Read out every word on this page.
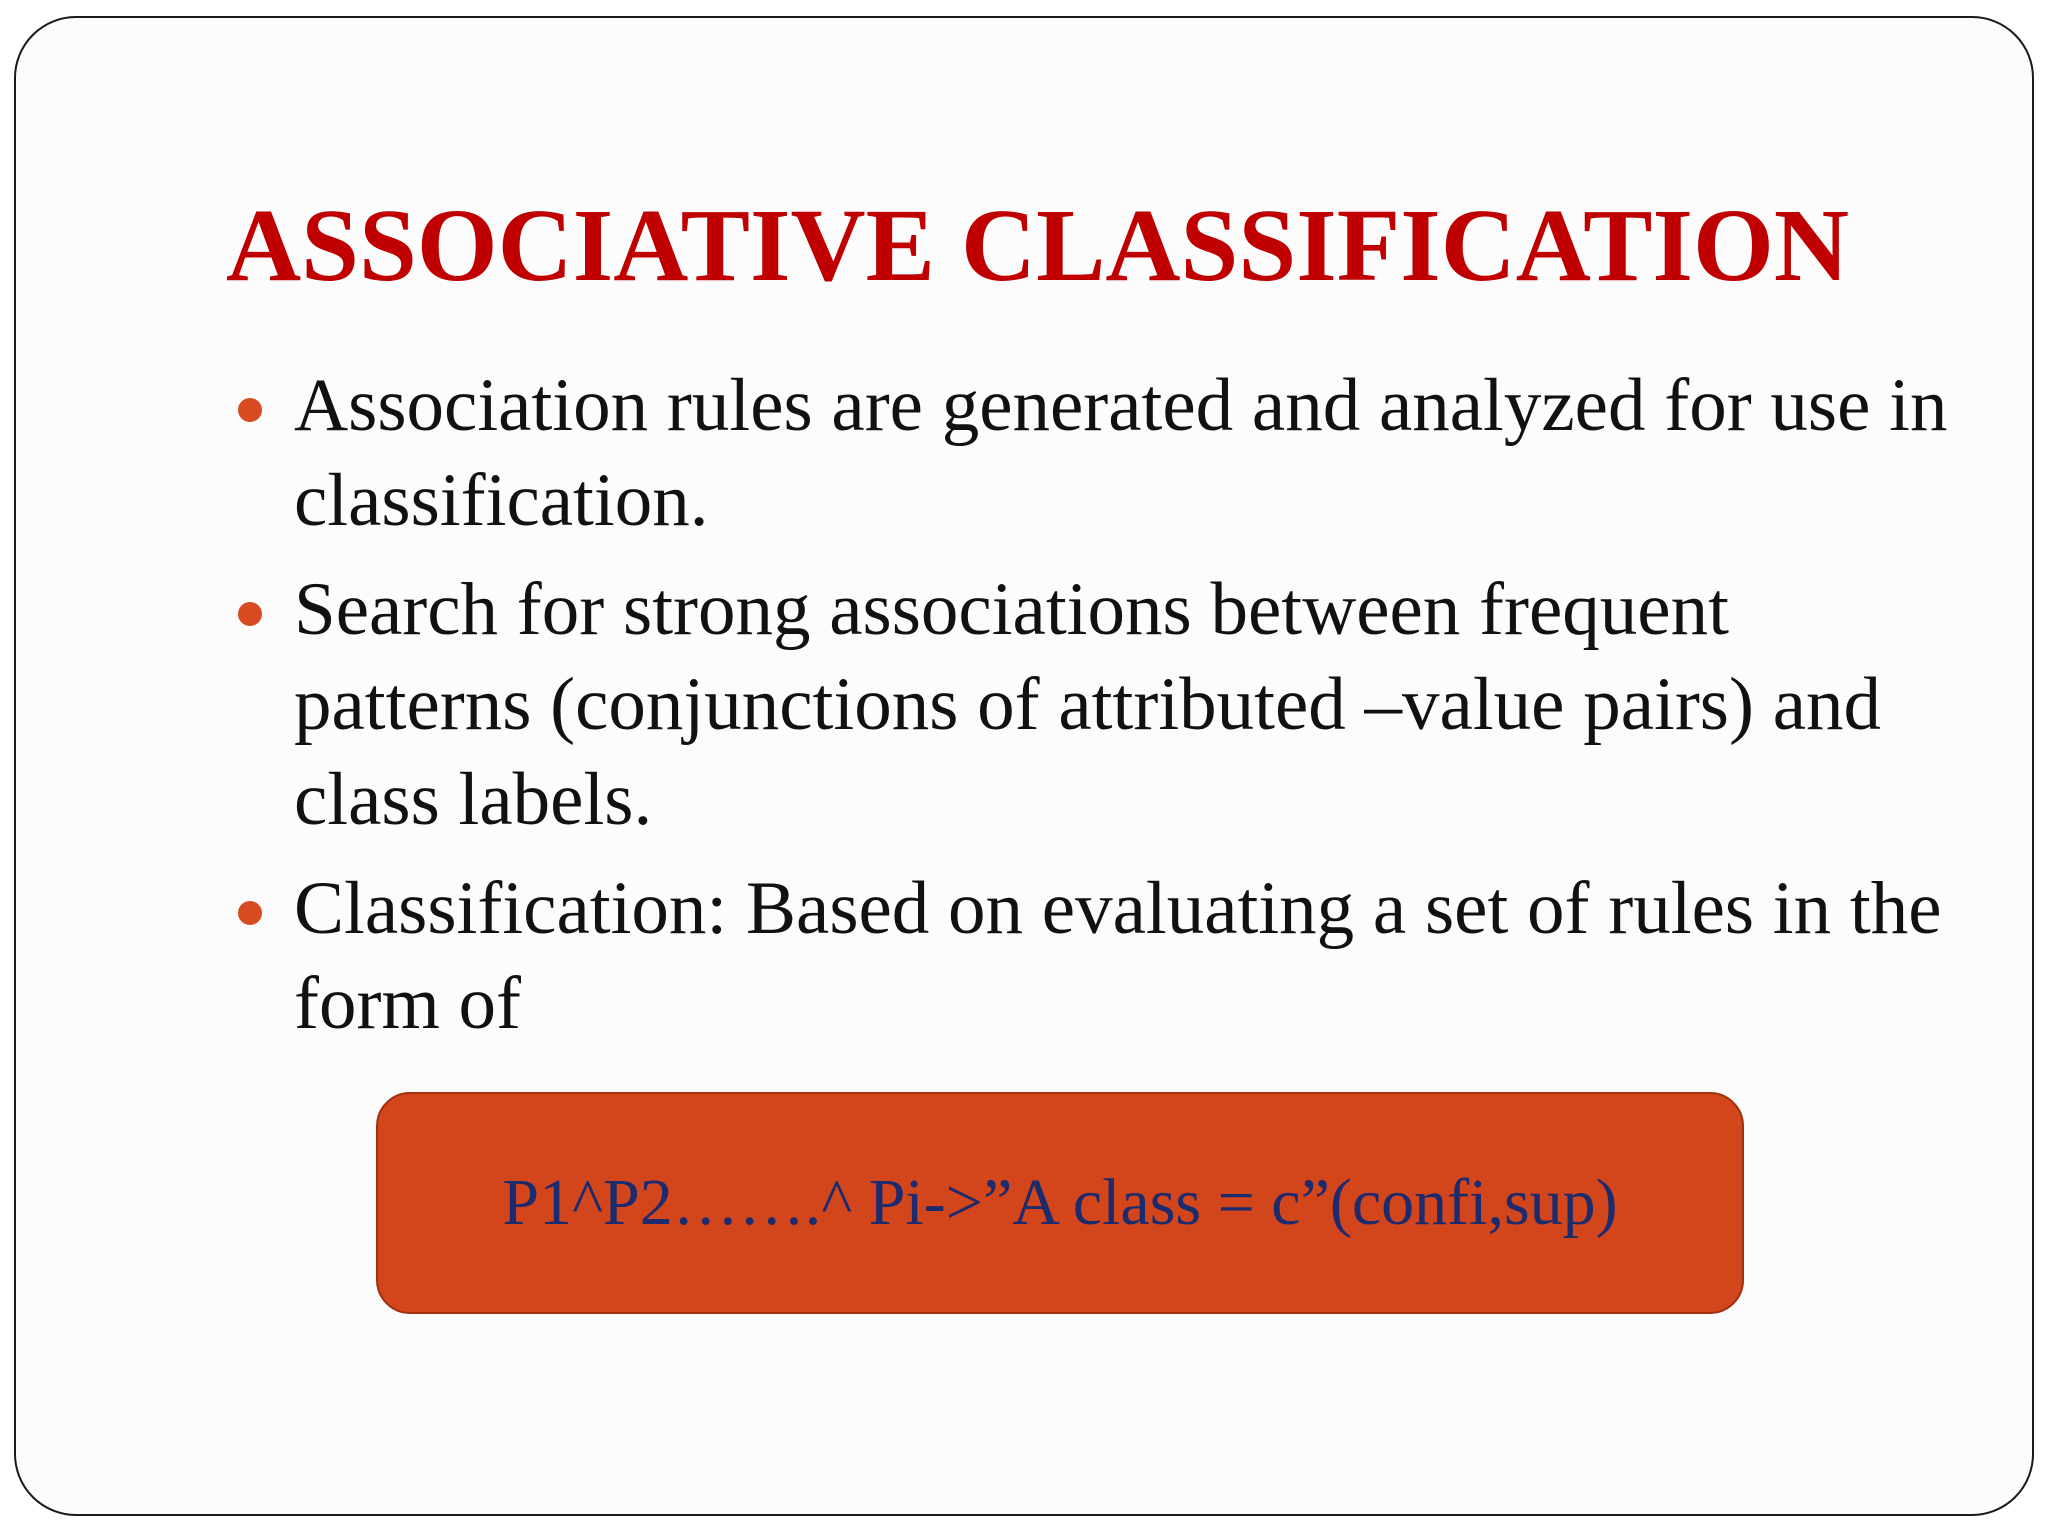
ASSOCIATIVE CLASSIFICATION
Association rules are generated and analyzed for use in classification.
Search for strong associations between frequent patterns (conjunctions of attributed –value pairs) and class labels.
Classification: Based on evaluating a set of rules in the form of
P1^P2…….^ Pi->”A class = c”(confi,sup)
